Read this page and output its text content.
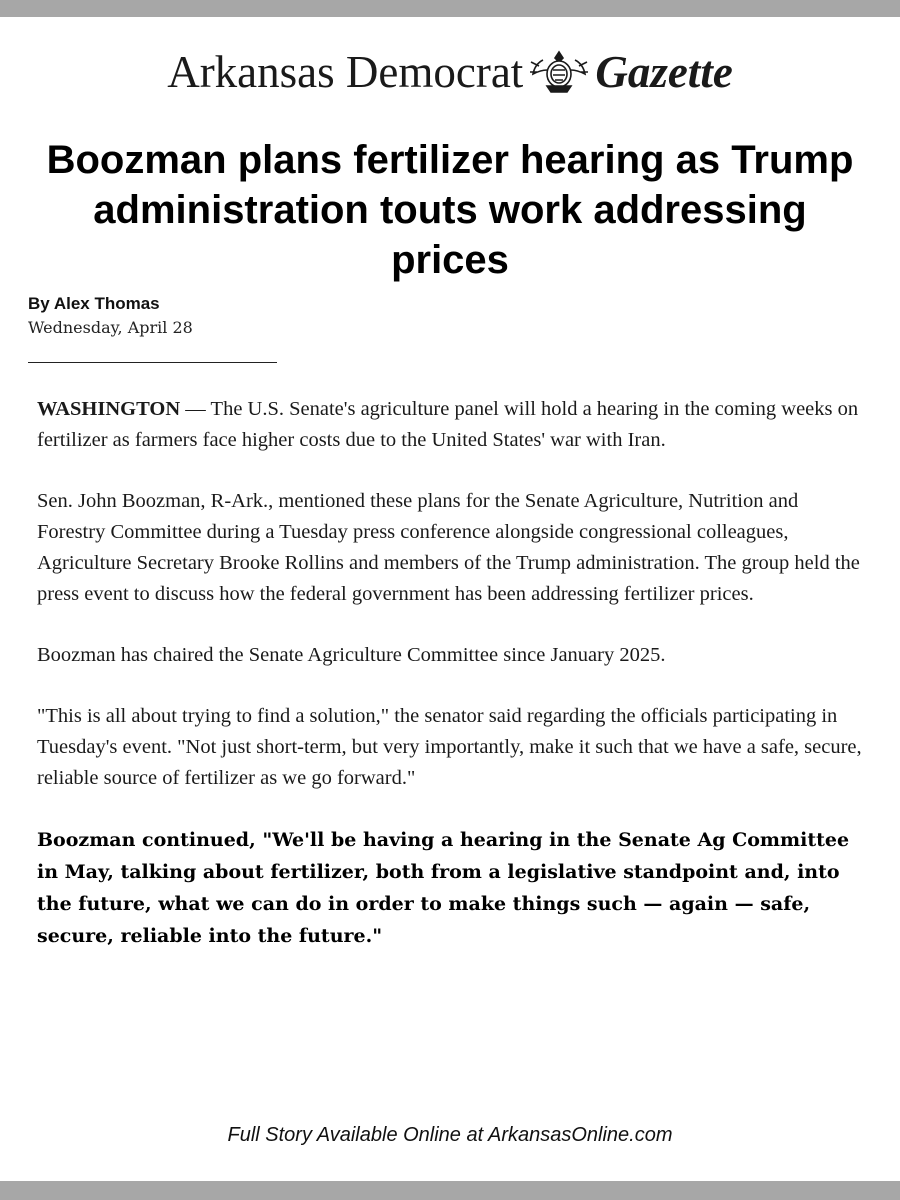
Arkansas Democrat Gazette
Boozman plans fertilizer hearing as Trump administration touts work addressing prices
By Alex Thomas
Wednesday, April 28

WASHINGTON — The U.S. Senate's agriculture panel will hold a hearing in the coming weeks on fertilizer as farmers face higher costs due to the United States' war with Iran.

Sen. John Boozman, R-Ark., mentioned these plans for the Senate Agriculture, Nutrition and Forestry Committee during a Tuesday press conference alongside congressional colleagues, Agriculture Secretary Brooke Rollins and members of the Trump administration. The group held the press event to discuss how the federal government has been addressing fertilizer prices.

Boozman has chaired the Senate Agriculture Committee since January 2025.

"This is all about trying to find a solution," the senator said regarding the officials participating in Tuesday's event. "Not just short-term, but very importantly, make it such that we have a safe, secure, reliable source of fertilizer as we go forward."

Boozman continued, "We'll be having a hearing in the Senate Ag Committee in May, talking about fertilizer, both from a legislative standpoint and, into the future, what we can do in order to make things such — again — safe, secure, reliable into the future."

Full Story Available Online at ArkansasOnline.com
